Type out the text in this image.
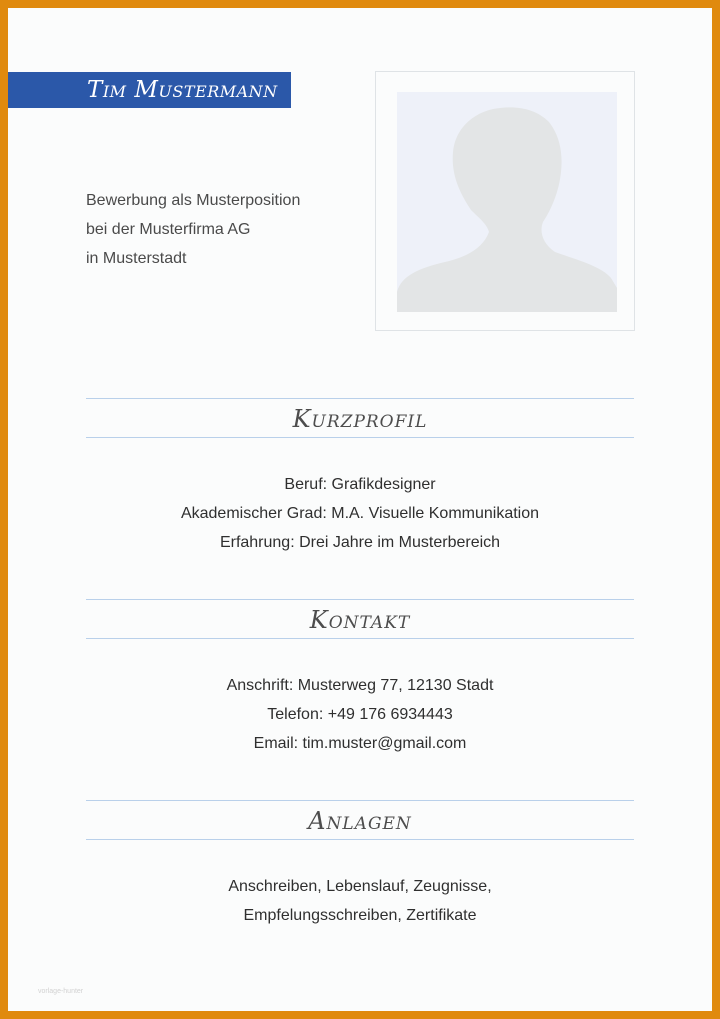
Tim Mustermann
Bewerbung als Musterposition
bei der Musterfirma AG
in Musterstadt
Kurzprofil
Beruf: Grafikdesigner
Akademischer Grad: M.A. Visuelle Kommunikation
Erfahrung: Drei Jahre im Musterbereich
Kontakt
Anschrift: Musterweg 77, 12130 Stadt
Telefon: +49 176 6934443
Email: tim.muster@gmail.com
Anlagen
Anschreiben, Lebenslauf, Zeugnisse,
Empfelungsschreiben, Zertifikate
vorlage-hunter
